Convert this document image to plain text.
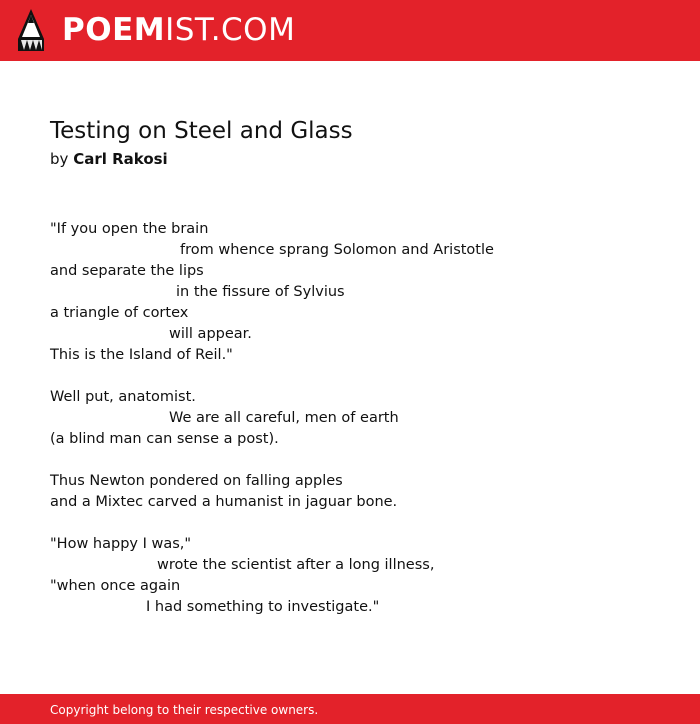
POEMIST.COM
Testing on Steel and Glass
by Carl Rakosi
"If you open the brain
from whence sprang Solomon and Aristotle
and separate the lips
in the fissure of Sylvius
a triangle of cortex
will appear.
This is the Island of Reil."
Well put, anatomist.
We are all careful, men of earth
(a blind man can sense a post).
Thus Newton pondered on falling apples
and a Mixtec carved a humanist in jaguar bone.
"How happy I was,"
wrote the scientist after a long illness,
"when once again
I had something to investigate."
Copyright belong to their respective owners.
